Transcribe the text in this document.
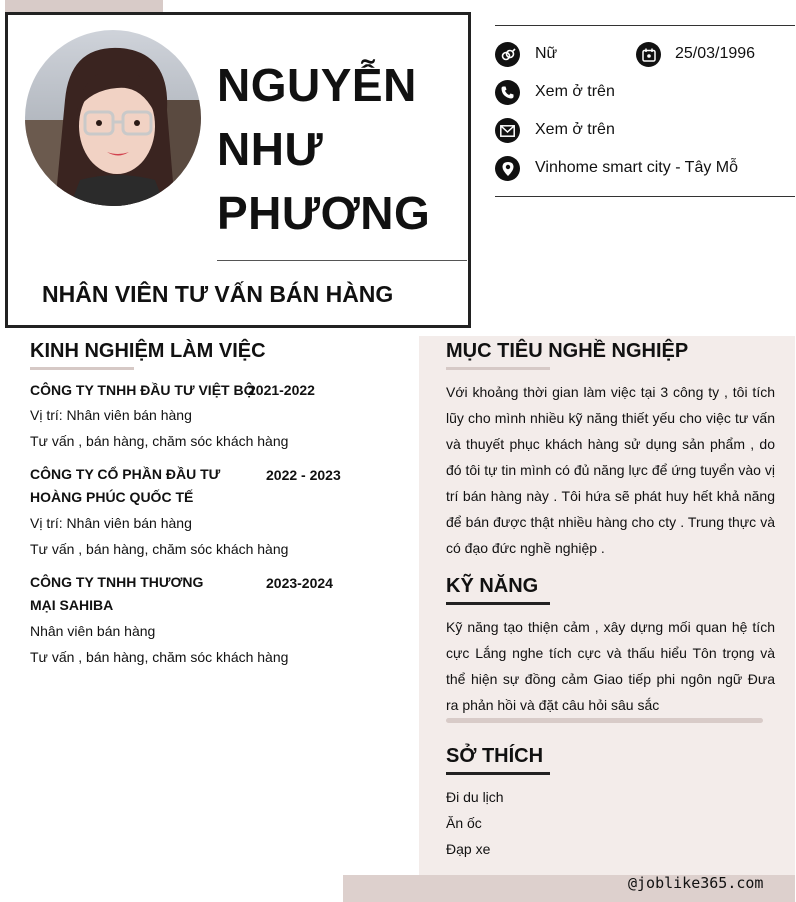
NGUYỄN
NHƯ
PHƯƠNG
NHÂN VIÊN TƯ VẤN BÁN HÀNG
Nữ	25/03/1996
Xem ở trên
Xem ở trên
Vinhome smart city - Tây Mỗ
@joblike365.com
KINH NGHIỆM LÀM VIỆC
CÔNG TY TNHH ĐẦU TƯ VIỆT BỘ
2021-2022
Vị trí: Nhân viên bán hàng
Tư vấn , bán hàng, chăm sóc khách hàng
CÔNG TY CỔ PHẦN ĐẦU TƯ HOÀNG PHÚC QUỐC TẾ
2022 - 2023
Vị trí: Nhân viên bán hàng
Tư vấn , bán hàng, chăm sóc khách hàng
CÔNG TY TNHH THƯƠNG MẠI SAHIBA
2023-2024
Nhân viên bán hàng
Tư vấn , bán hàng, chăm sóc khách hàng
MỤC TIÊU NGHỀ NGHIỆP
Với khoảng thời gian làm việc tại 3 công ty , tôi tích lũy cho mình nhiều kỹ năng thiết yếu cho việc tư vấn và thuyết phục khách hàng sử dụng sản phẩm , do đó tôi tự tin mình có đủ năng lực để ứng tuyển vào vị trí bán hàng này . Tôi hứa sẽ phát huy hết khả năng để bán được thật nhiều hàng cho cty . Trung thực và có đạo đức nghề nghiệp .
KỸ NĂNG
Kỹ năng tạo thiện cảm , xây dựng mối quan hệ tích cực Lắng nghe tích cực và thấu hiểu Tôn trọng và thể hiện sự đồng cảm Giao tiếp phi ngôn ngữ Đưa ra phản hồi và đặt câu hỏi sâu sắc
SỞ THÍCH
Đi du lịch
Ăn ốc
Đạp xe
